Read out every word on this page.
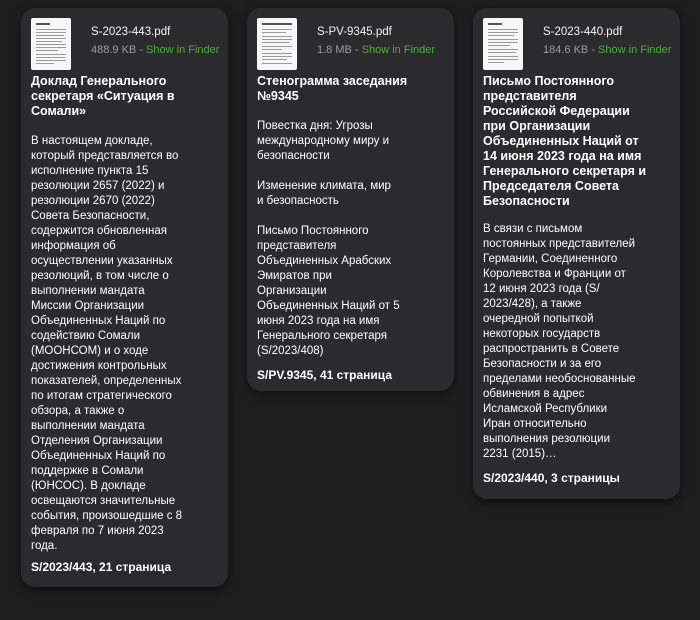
S-2023-443.pdf
488.9 KB - Show in Finder
Доклад Генерального
секретаря «Ситуация в
Сомали»
В настоящем докладе,
который представляется во
исполнение пункта 15
резолюции 2657 (2022) и
резолюции 2670 (2022)
Совета Безопасности,
содержится обновленная
информация об
осуществлении указанных
резолюций, в том числе о
выполнении мандата
Миссии Организации
Объединенных Наций по
содействию Сомали
(МООНСОМ) и о ходе
достижения контрольных
показателей, определенных
по итогам стратегического
обзора, а также о
выполнении мандата
Отделения Организации
Объединенных Наций по
поддержке в Сомали
(ЮНСОС). В докладе
освещаются значительные
события, произошедшие с 8
февраля по 7 июня 2023
года.
S/2023/443, 21 страница
S-PV-9345.pdf
1.8 MB - Show in Finder
Стенограмма заседания
№9345
Повестка дня: Угрозы
международному миру и
безопасности

Изменение климата, мир
и безопасность

Письмо Постоянного
представителя
Объединенных Арабских
Эмиратов при
Организации
Объединенных Наций от 5
июня 2023 года на имя
Генерального секретаря
(S/2023/408)
S/PV.9345, 41 страница
S-2023-440.pdf
184.6 KB - Show in Finder
Письмо Постоянного
представителя
Российской Федерации
при Организации
Объединенных Наций от
14 июня 2023 года на имя
Генерального секретаря и
Председателя Совета
Безопасности
В связи с письмом
постоянных представителей
Германии, Соединенного
Королевства и Франции от
12 июня 2023 года (S/
2023/428), а также
очередной попыткой
некоторых государств
распространить в Совете
Безопасности и за его
пределами необоснованные
обвинения в адрес
Исламской Республики
Иран относительно
выполнения резолюции
2231 (2015)…
S/2023/440, 3 страницы
